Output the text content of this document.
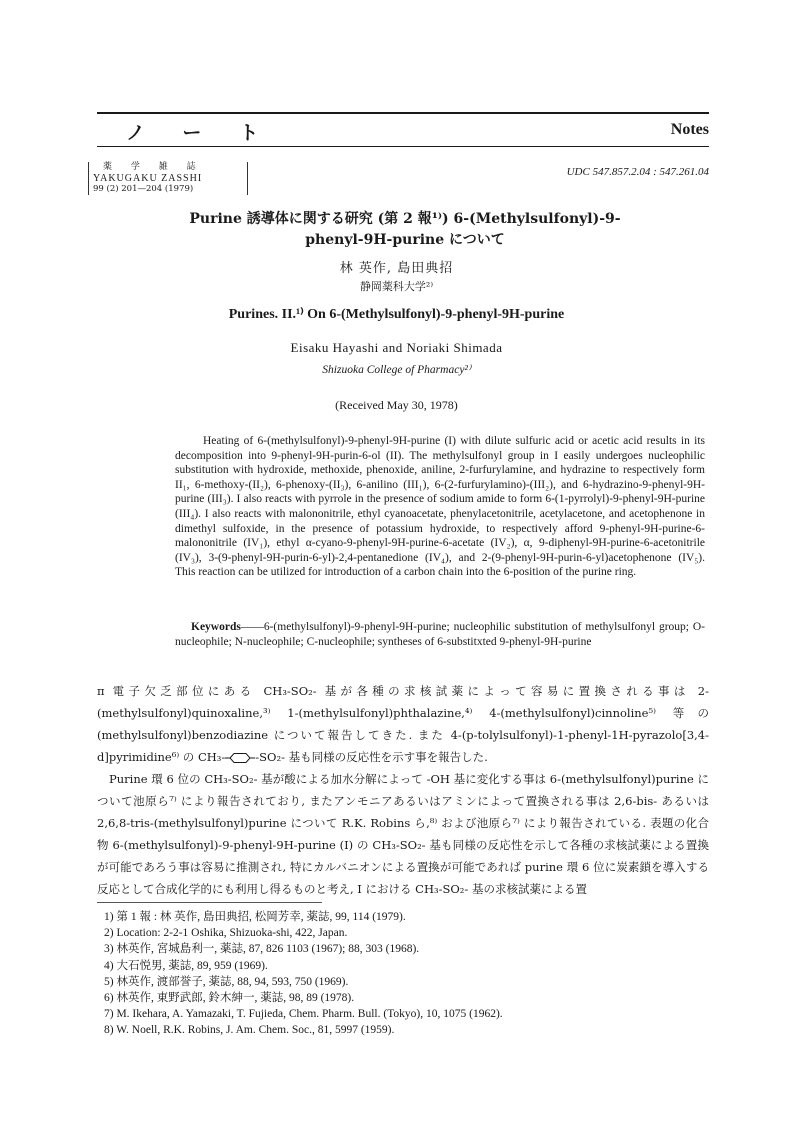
ノート	Notes
薬 学 雑 誌
YAKUGAKU ZASSHI
99 (2) 201—204 (1979)
UDC 547.857.2.04 : 547.261.04
Purine 誘導体に関する研究 (第 2 報¹⁾) 6-(Methylsulfonyl)-9-
phenyl-9H-purine について
林 英作, 島田典招
静岡薬科大学²⁾
Purines. II.¹⁾ On 6-(Methylsulfonyl)-9-phenyl-9H-purine
Eisaku Hayashi and Noriaki Shimada
Shizuoka College of Pharmacy²⁾
(Received May 30, 1978)

Heating of 6-(methylsulfonyl)-9-phenyl-9H-purine (I) with dilute sulfuric acid or acetic acid results in its decomposition into 9-phenyl-9H-purin-6-ol (II). The methylsulfonyl group in I easily undergoes nucleophilic substitution with hydroxide, methoxide, phenoxide, aniline, 2-furfurylamine, and hydrazine to respectively form II₁, 6-methoxy-(II₂), 6-phenoxy-(II₃), 6-anilino (III₁), 6-(2-furfurylamino)-(III₂), and 6-hydrazino-9-phenyl-9H-purine (III₃). I also reacts with pyrrole in the presence of sodium amide to form 6-(1-pyrrolyl)-9-phenyl-9H-purine (III₄). I also reacts with malononitrile, ethyl cyanoacetate, phenylacetonitrile, acetylacetone, and acetophenone in dimethyl sulfoxide, in the presence of potassium hydroxide, to respectively afford 9-phenyl-9H-purine-6-malononitrile (IV₁), ethyl α-cyano-9-phenyl-9H-purine-6-acetate (IV₂), α, 9-diphenyl-9H-purine-6-acetonitrile (IV₃), 3-(9-phenyl-9H-purin-6-yl)-2,4-pentanedione (IV₄), and 2-(9-phenyl-9H-purin-6-yl)acetophenone (IV₅). This reaction can be utilized for introduction of a carbon chain into the 6-position of the purine ring.

Keywords——6-(methylsulfonyl)-9-phenyl-9H-purine; nucleophilic substitution of methylsulfonyl group; O-nucleophile; N-nucleophile; C-nucleophile; syntheses of 6-substitxted 9-phenyl-9H-purine

π 電子欠乏部位にある CH₃-SO₂- 基が各種の求核試薬によって容易に置換される事は 2-(methylsulfonyl)quinoxaline,³⁾ 1-(methylsulfonyl)phthalazine,⁴⁾ 4-(methylsulfonyl)cinnoline⁵⁾ 等の (methylsulfonyl)benzodiazine について報告してきた. また 4-(p-tolylsulfonyl)-1-phenyl-1H-pyrazolo[3,4-d]pyrimidine⁶⁾ の CH₃-	-SO₂- 基も同様の反応性を示す事を報告した.

Purine 環 6 位の CH₃-SO₂- 基が酸による加水分解によって -OH 基に変化する事は 6-(methylsulfonyl)purine について池原ら⁷⁾ により報告されており, またアンモニアあるいはアミンによって置換される事は 2,6-bis- あるいは 2,6,8-tris-(methylsulfonyl)purine について R.K. Robins ら,⁸⁾ および池原ら⁷⁾ により報告されている. 表題の化合物 6-(methylsulfonyl)-9-phenyl-9H-purine (I) の CH₃-SO₂- 基も同様の反応性を示して各種の求核試薬による置換が可能であろう事は容易に推測され, 特にカルバニオンによる置換が可能であれば purine 環 6 位に炭素鎖を導入する反応として合成化学的にも利用し得るものと考え, I における CH₃-SO₂- 基の求核試薬による置

1) 第 1 報 : 林 英作, 島田典招, 松岡芳幸, 薬誌, 99, 114 (1979).
2) Location: 2-2-1 Oshika, Shizuoka-shi, 422, Japan.
3) 林英作, 宮城島利一, 薬誌, 87, 826 1103 (1967); 88, 303 (1968).
4) 大石悦男, 薬誌, 89, 959 (1969).
5) 林英作, 渡部誉子, 薬誌, 88, 94, 593, 750 (1969).
6) 林英作, 東野武郎, 鈴木紳一, 薬誌, 98, 89 (1978).
7) M. Ikehara, A. Yamazaki, T. Fujieda, Chem. Pharm. Bull. (Tokyo), 10, 1075 (1962).
8) W. Noell, R.K. Robins, J. Am. Chem. Soc., 81, 5997 (1959).
